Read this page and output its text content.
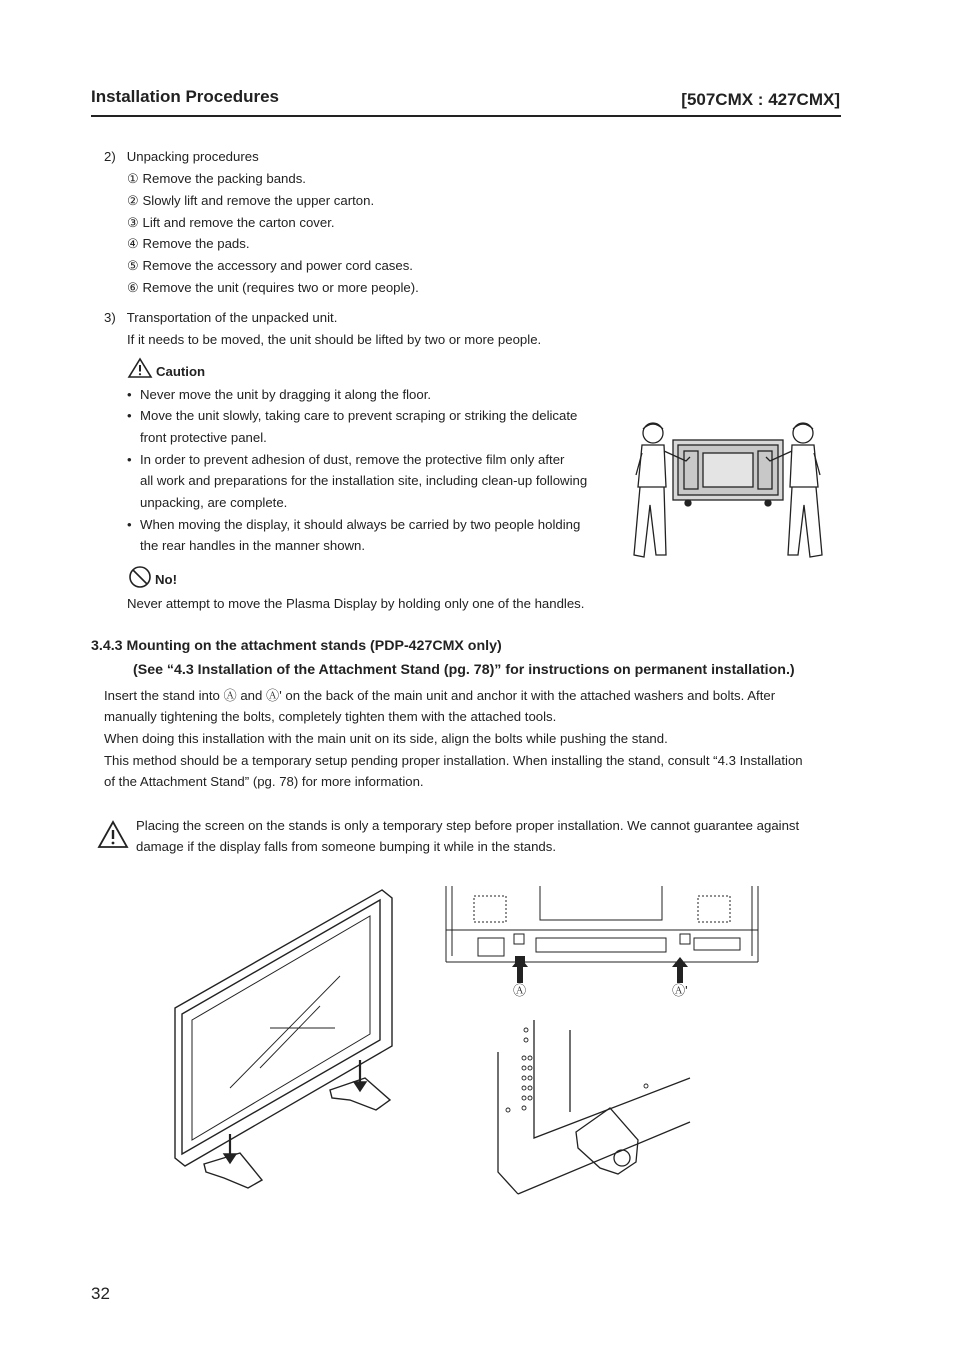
Installation Procedures	[507CMX : 427CMX]
2)   Unpacking procedures
① Remove the packing bands.
② Slowly lift and remove the upper carton.
③ Lift and remove the carton cover.
④ Remove the pads.
⑤ Remove the accessory and power cord cases.
⑥ Remove the unit (requires two or more people).
3)   Transportation of the unpacked unit.
If it needs to be moved, the unit should be lifted by two or more people.
Caution
• Never move the unit by dragging it along the floor.
• Move the unit slowly, taking care to prevent scraping or striking the delicate
front protective panel.
• In order to prevent adhesion of dust, remove the protective film only after
all work and preparations for the installation site, including clean-up following
unpacking, are complete.
• When moving the display, it should always be carried by two people holding
the rear handles in the manner shown.
No!
Never attempt to move the Plasma Display by holding only one of the handles.
3.4.3 Mounting on the attachment stands (PDP-427CMX only)
(See “4.3 Installation of the Attachment Stand (pg. 78)” for instructions on permanent installation.)
Insert the stand into Ⓐ and Ⓐ' on the back of the main unit and anchor it with the attached washers and bolts. After
manually tightening the bolts, completely tighten them with the attached tools.
When doing this installation with the main unit on its side, align the bolts while pushing the stand.
This method should be a temporary setup pending proper installation. When installing the stand, consult “4.3 Installation
of the Attachment Stand” (pg. 78) for more information.
Placing the screen on the stands is only a temporary step before proper installation. We cannot guarantee against
damage if the display falls from someone bumping it while in the stands.
Ⓐ	Ⓐ'
32
